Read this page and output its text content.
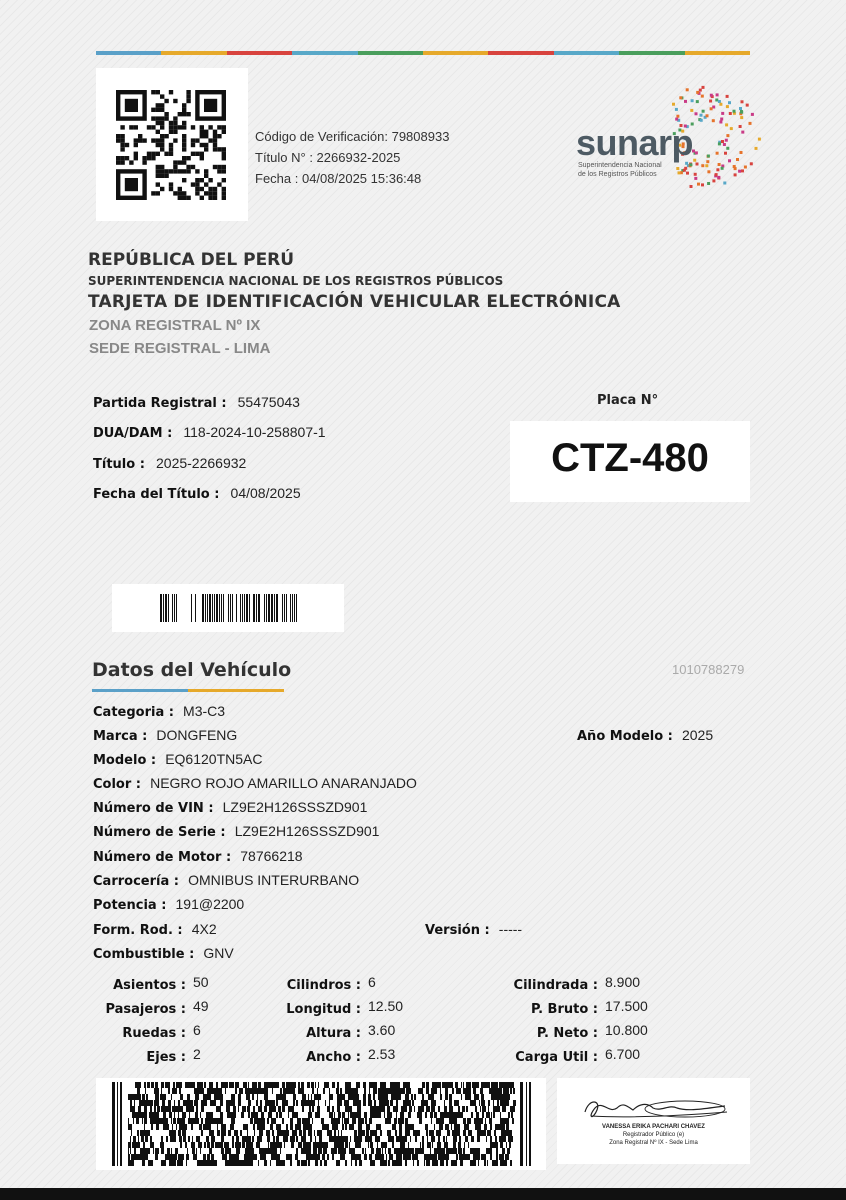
Código de Verificación: 79808933
Título N° : 2266932-2025
Fecha : 04/08/2025 15:36:48
sunarp
Superintendencia Nacional
de los Registros Públicos
REPÚBLICA DEL PERÚ
SUPERINTENDENCIA NACIONAL DE LOS REGISTROS PÚBLICOS
TARJETA DE IDENTIFICACIÓN VEHICULAR ELECTRÓNICA
ZONA REGISTRAL Nº IX
SEDE REGISTRAL - LIMA
Partida Registral : 55475043
DUA/DAM : 118-2024-10-258807-1
Título : 2025-2266932
Fecha del Título : 04/08/2025
Placa N°
CTZ-480
Datos del Vehículo	1010788279
Categoria : M3-C3
Marca : DONGFENG	Año Modelo : 2025
Modelo : EQ6120TN5AC
Color : NEGRO ROJO AMARILLO ANARANJADO
Número de VIN : LZ9E2H126SSSZD901
Número de Serie : LZ9E2H126SSSZD901
Número de Motor : 78766218
Carrocería : OMNIBUS INTERURBANO
Potencia : 191@2200
Form. Rod. : 4X2	Versión : -----
Combustible : GNV
Asientos : 50
Pasajeros : 49
Ruedas : 6
Ejes : 2
Cilindros : 6
Longitud : 12.50
Altura : 3.60
Ancho : 2.53
Cilindrada : 8.900
P. Bruto : 17.500
P. Neto : 10.800
Carga Util : 6.700
VANESSA ERIKA PACHARI CHAVEZ
Registrador Público (e)
Zona Registral Nº IX - Sede Lima
